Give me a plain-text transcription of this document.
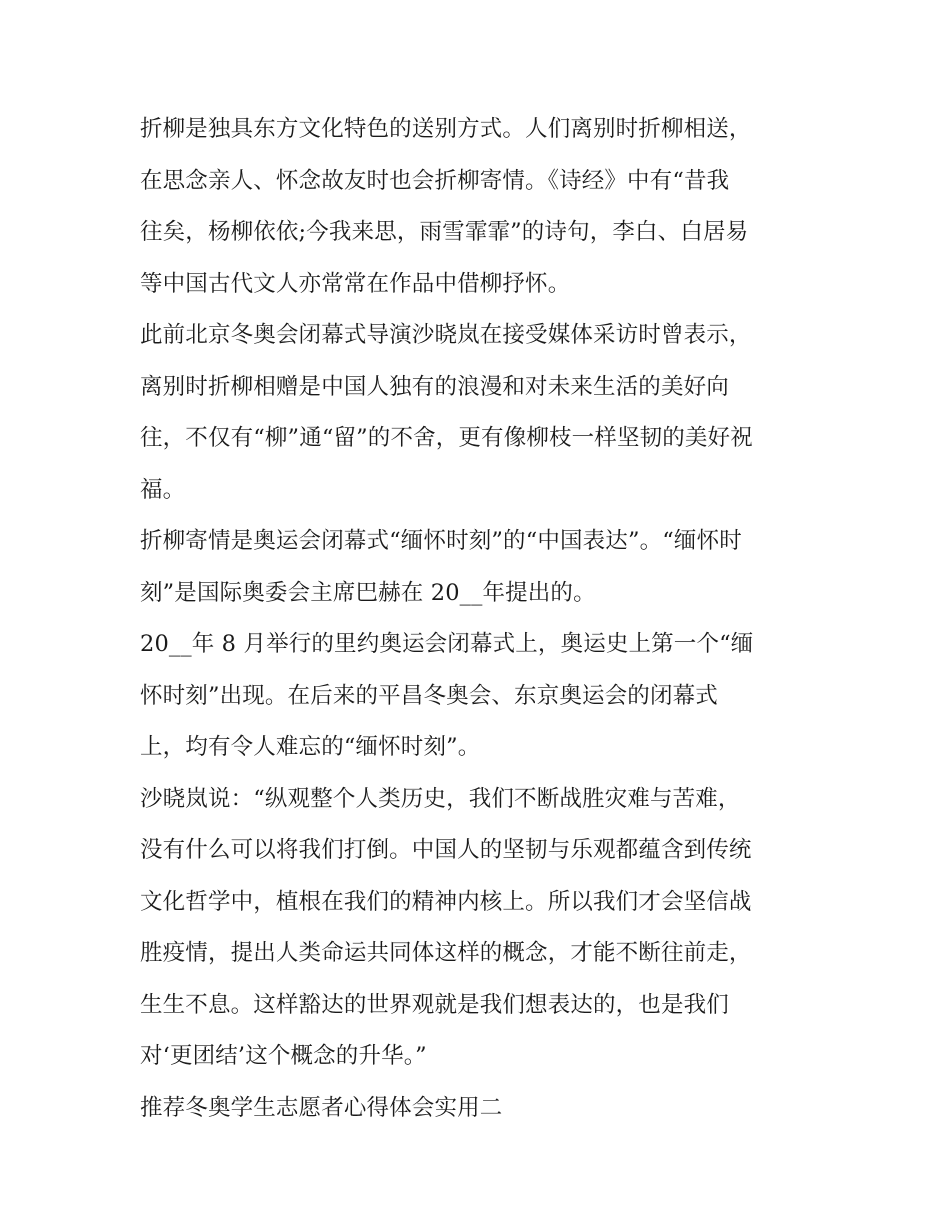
折柳是独具东方文化特色的送别方式。人们离别时折柳相送，
在思念亲人、怀念故友时也会折柳寄情。《诗经》中有“昔我
往矣，杨柳依依;今我来思，雨雪霏霏”的诗句，李白、白居易
等中国古代文人亦常常在作品中借柳抒怀。
此前北京冬奥会闭幕式导演沙晓岚在接受媒体采访时曾表示，
离别时折柳相赠是中国人独有的浪漫和对未来生活的美好向
往，不仅有“柳”通“留”的不舍，更有像柳枝一样坚韧的美好祝
福。
折柳寄情是奥运会闭幕式“缅怀时刻”的“中国表达”。“缅怀时
刻”是国际奥委会主席巴赫在 20__年提出的。
20__年 8 月举行的里约奥运会闭幕式上，奥运史上第一个“缅
怀时刻”出现。在后来的平昌冬奥会、东京奥运会的闭幕式
上，均有令人难忘的“缅怀时刻”。
沙晓岚说：“纵观整个人类历史，我们不断战胜灾难与苦难，
没有什么可以将我们打倒。中国人的坚韧与乐观都蕴含到传统
文化哲学中，植根在我们的精神内核上。所以我们才会坚信战
胜疫情，提出人类命运共同体这样的概念，才能不断往前走，
生生不息。这样豁达的世界观就是我们想表达的，也是我们
对‘更团结’这个概念的升华。”
推荐冬奥学生志愿者心得体会实用二
